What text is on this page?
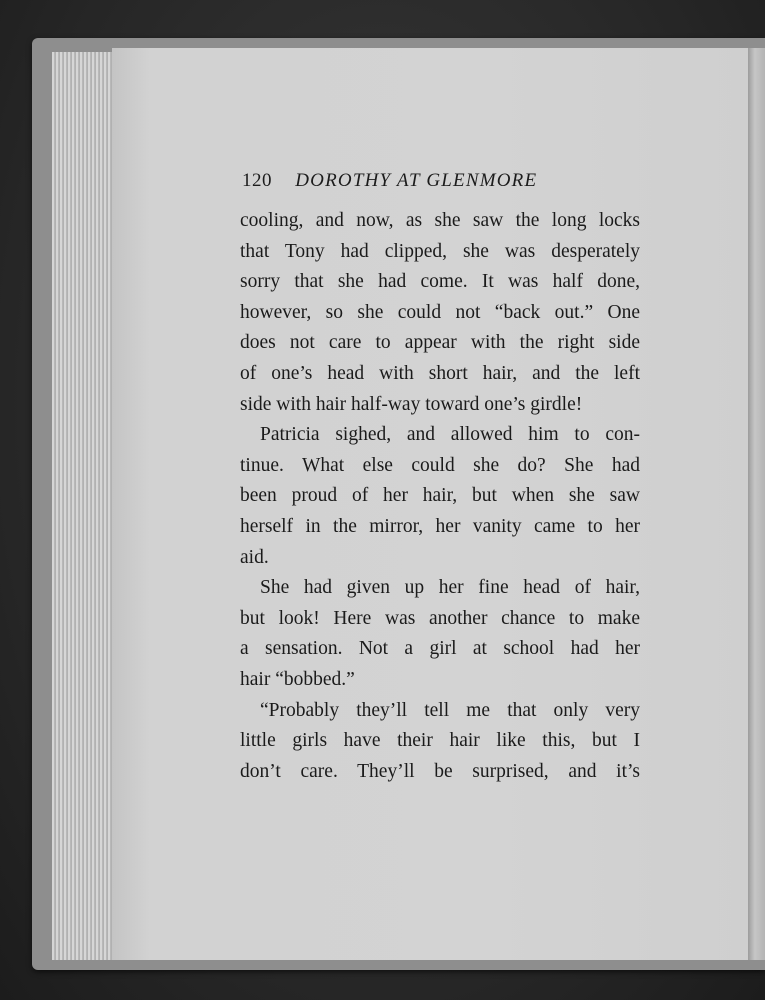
120 DOROTHY AT GLENMORE
cooling, and now, as she saw the long locks
that Tony had clipped, she was desperately
sorry that she had come. It was half done,
however, so she could not “back out.” One
does not care to appear with the right side
of one’s head with short hair, and the left
side with hair half-way toward one’s girdle!
Patricia sighed, and allowed him to con-
tinue. What else could she do? She had
been proud of her hair, but when she saw
herself in the mirror, her vanity came to her
aid.
She had given up her fine head of hair,
but look! Here was another chance to make
a sensation. Not a girl at school had her
hair “bobbed.”
“Probably they’ll tell me that only very
little girls have their hair like this, but I
don’t care. They’ll be surprised, and it’s
